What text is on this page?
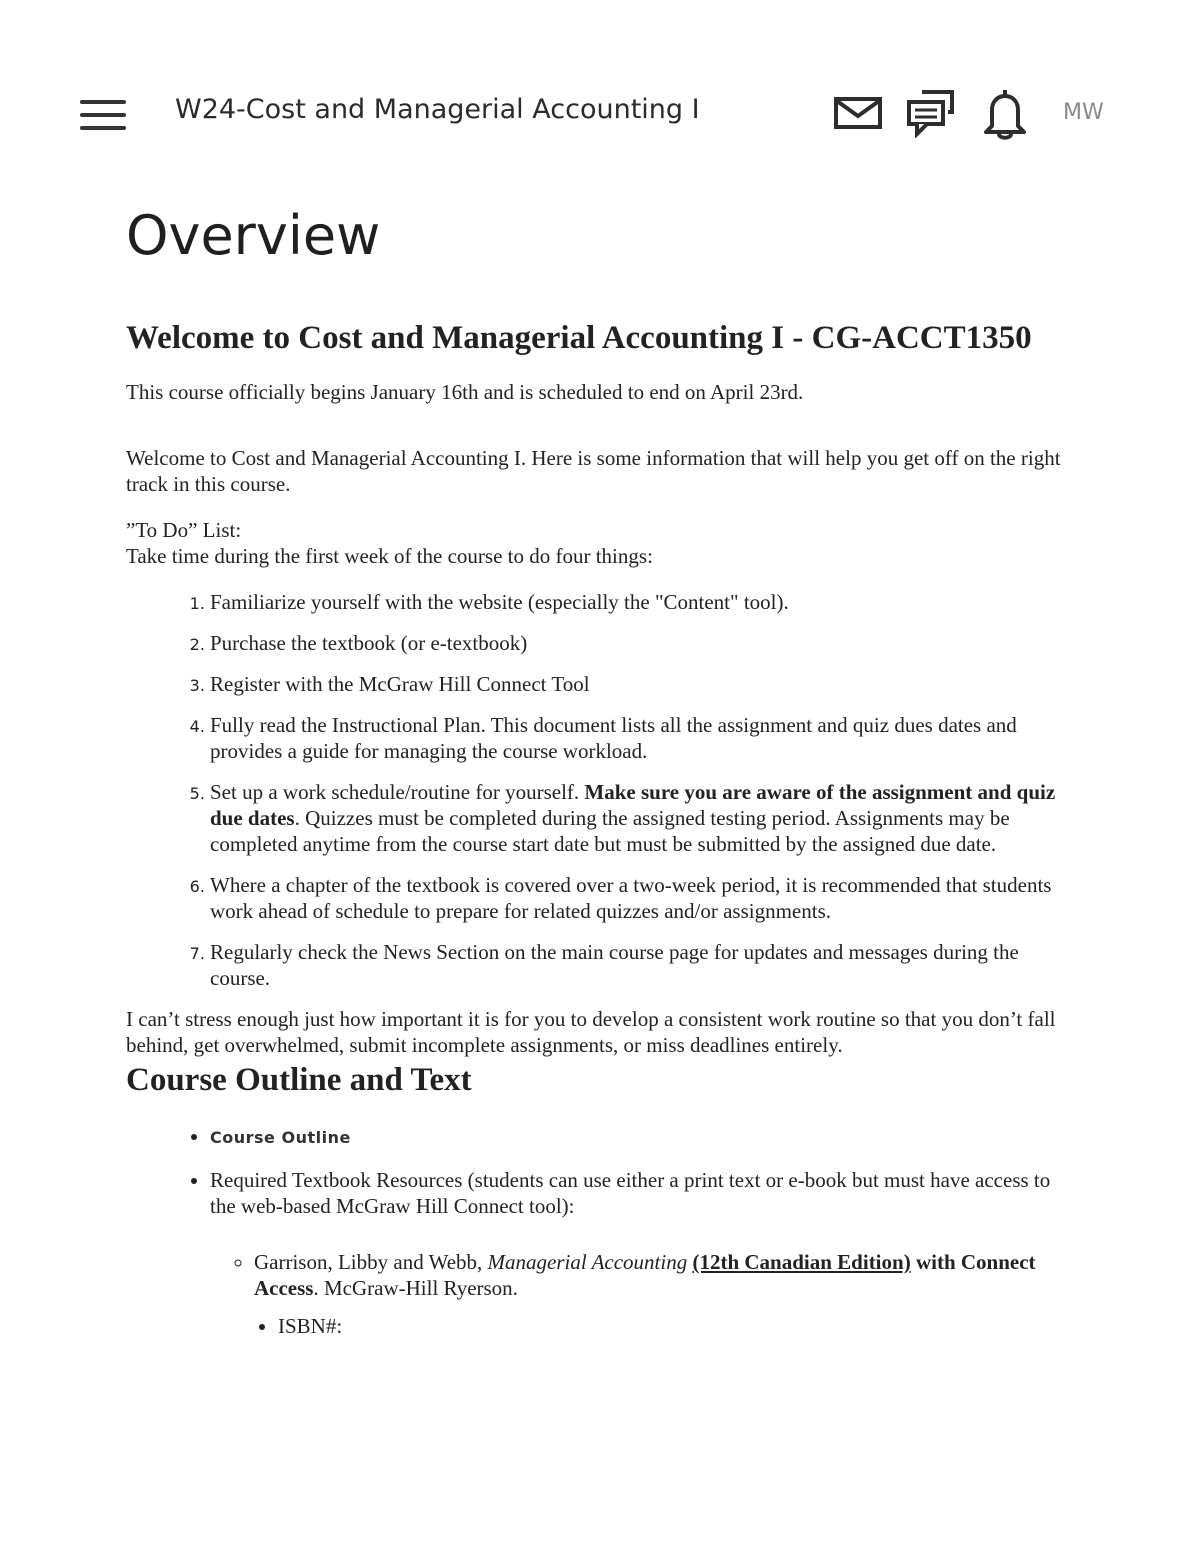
W24-Cost and Managerial Accounting I	MW
Overview
Welcome to Cost and Managerial Accounting I - CG-ACCT1350

This course officially begins January 16th and is scheduled to end on April 23rd.

Welcome to Cost and Managerial Accounting I. Here is some information that will help you get off on the right track in this course.

”To Do” List:

Take time during the first week of the course to do four things:

1. Familiarize yourself with the website (especially the "Content" tool).
2. Purchase the textbook (or e-textbook)
3. Register with the McGraw Hill Connect Tool
4. Fully read the Instructional Plan. This document lists all the assignment and quiz dues dates and provides a guide for managing the course workload.
5. Set up a work schedule/routine for yourself. Make sure you are aware of the assignment and quiz due dates. Quizzes must be completed during the assigned testing period. Assignments may be completed anytime from the course start date but must be submitted by the assigned due date.
6. Where a chapter of the textbook is covered over a two-week period, it is recommended that students work ahead of schedule to prepare for related quizzes and/or assignments.
7. Regularly check the News Section on the main course page for updates and messages during the course.

I can’t stress enough just how important it is for you to develop a consistent work routine so that you don’t fall behind, get overwhelmed, submit incomplete assignments, or miss deadlines entirely.

Course Outline and Text
• Course Outline
• Required Textbook Resources (students can use either a print text or e-book but must have access to the web-based McGraw Hill Connect tool):
◦ Garrison, Libby and Webb, Managerial Accounting (12th Canadian Edition) with Connect Access. McGraw-Hill Ryerson.
• ISBN#:
